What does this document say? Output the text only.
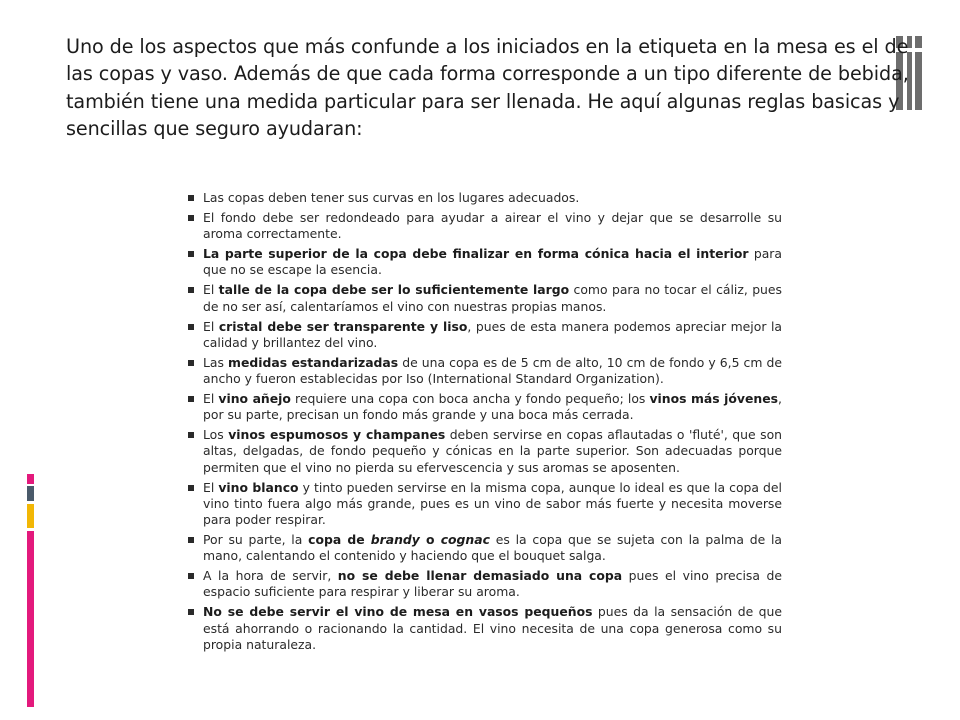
Uno de los aspectos que más confunde a los iniciados en la etiqueta en la mesa es el de las copas y vaso. Además de que cada forma corresponde a un tipo diferente de bebida, también tiene una medida particular para ser llenada. He aquí algunas reglas basicas y sencillas que seguro ayudaran:
Las copas deben tener sus curvas en los lugares adecuados.
El fondo debe ser redondeado para ayudar a airear el vino y dejar que se desarrolle su aroma correctamente.
La parte superior de la copa debe finalizar en forma cónica hacia el interior para que no se escape la esencia.
El talle de la copa debe ser lo suficientemente largo como para no tocar el cáliz, pues de no ser así, calentaríamos el vino con nuestras propias manos.
El cristal debe ser transparente y liso, pues de esta manera podemos apreciar mejor la calidad y brillantez del vino.
Las medidas estandarizadas de una copa es de 5 cm de alto, 10 cm de fondo y 6,5 cm de ancho y fueron establecidas por Iso (International Standard Organization).
El vino añejo requiere una copa con boca ancha y fondo pequeño; los vinos más jóvenes, por su parte, precisan un fondo más grande y una boca más cerrada.
Los vinos espumosos y champanes deben servirse en copas aflautadas o 'fluté', que son altas, delgadas, de fondo pequeño y cónicas en la parte superior. Son adecuadas porque permiten que el vino no pierda su efervescencia y sus aromas se aposenten.
El vino blanco y tinto pueden servirse en la misma copa, aunque lo ideal es que la copa del vino tinto fuera algo más grande, pues es un vino de sabor más fuerte y necesita moverse para poder respirar.
Por su parte, la copa de brandy o cognac es la copa que se sujeta con la palma de la mano, calentando el contenido y haciendo que el bouquet salga.
A la hora de servir, no se debe llenar demasiado una copa pues el vino precisa de espacio suficiente para respirar y liberar su aroma.
No se debe servir el vino de mesa en vasos pequeños pues da la sensación de que está ahorrando o racionando la cantidad. El vino necesita de una copa generosa como su propia naturaleza.
